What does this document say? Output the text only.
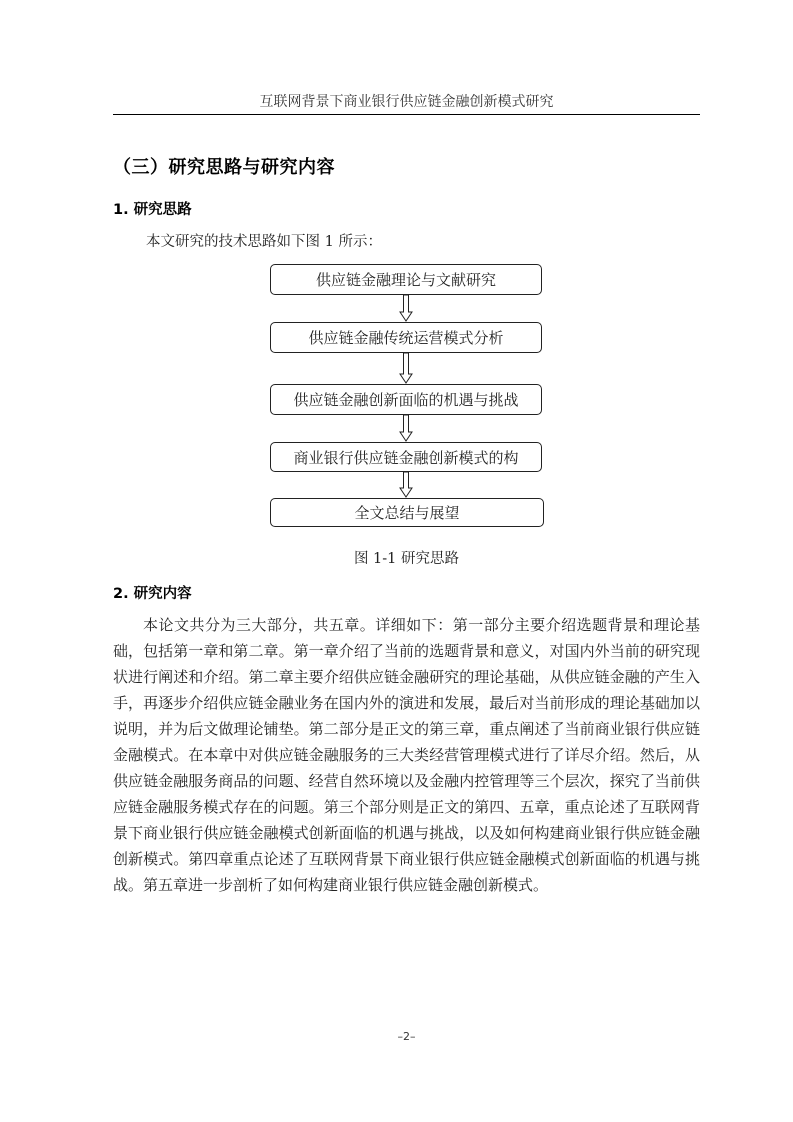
互联网背景下商业银行供应链金融创新模式研究
（三）研究思路与研究内容
1. 研究思路
本文研究的技术思路如下图 1 所示：
供应链金融理论与文献研究
供应链金融传统运营模式分析
供应链金融创新面临的机遇与挑战
商业银行供应链金融创新模式的构
全文总结与展望
图 1-1 研究思路
2. 研究内容

本论文共分为三大部分，共五章。详细如下：第一部分主要介绍选题背景和理论基础，包括第一章和第二章。第一章介绍了当前的选题背景和意义，对国内外当前的研究现状进行阐述和介绍。第二章主要介绍供应链金融研究的理论基础，从供应链金融的产生入手，再逐步介绍供应链金融业务在国内外的演进和发展，最后对当前形成的理论基础加以说明，并为后文做理论铺垫。第二部分是正文的第三章，重点阐述了当前商业银行供应链金融模式。在本章中对供应链金融服务的三大类经营管理模式进行了详尽介绍。然后，从供应链金融服务商品的问题、经营自然环境以及金融内控管理等三个层次，探究了当前供应链金融服务模式存在的问题。第三个部分则是正文的第四、五章，重点论述了互联网背景下商业银行供应链金融模式创新面临的机遇与挑战，以及如何构建商业银行供应链金融创新模式。第四章重点论述了互联网背景下商业银行供应链金融模式创新面临的机遇与挑战。第五章进一步剖析了如何构建商业银行供应链金融创新模式。

–2–
